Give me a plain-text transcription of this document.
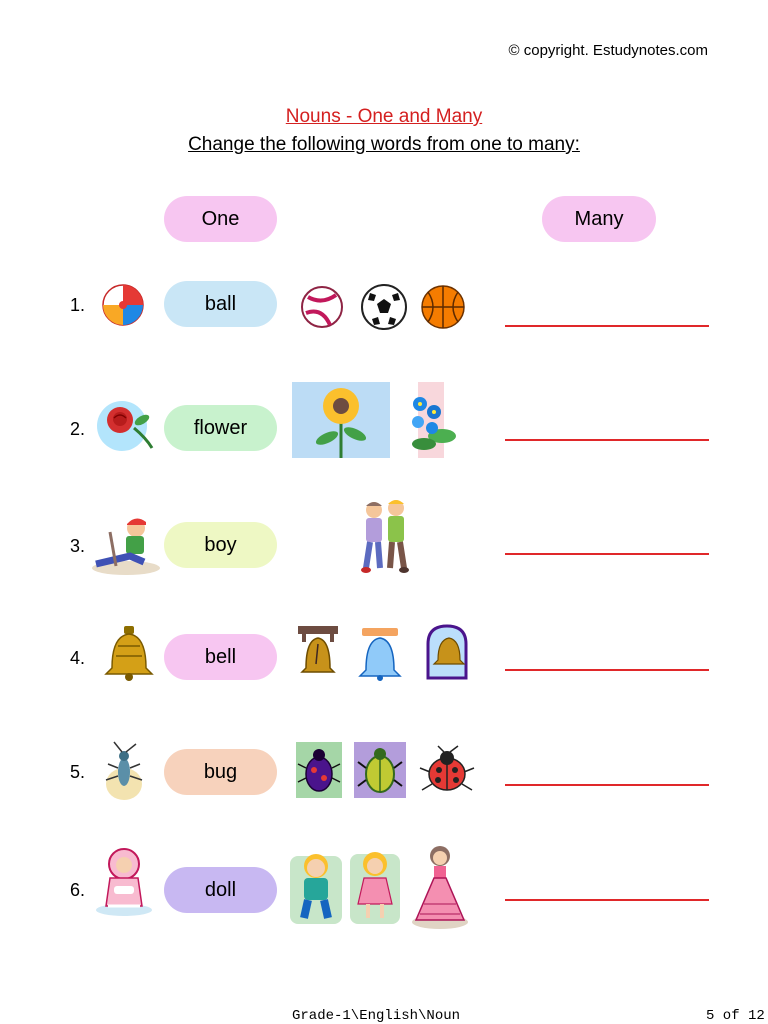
© copyright. Estudynotes.com
Nouns - One and Many
Change the following words from one to many:
One	Many
1.	ball
2.	flower
3.	boy
4.	bell
5.	bug
6.	doll
Grade-1\English\Noun	5 of 12
